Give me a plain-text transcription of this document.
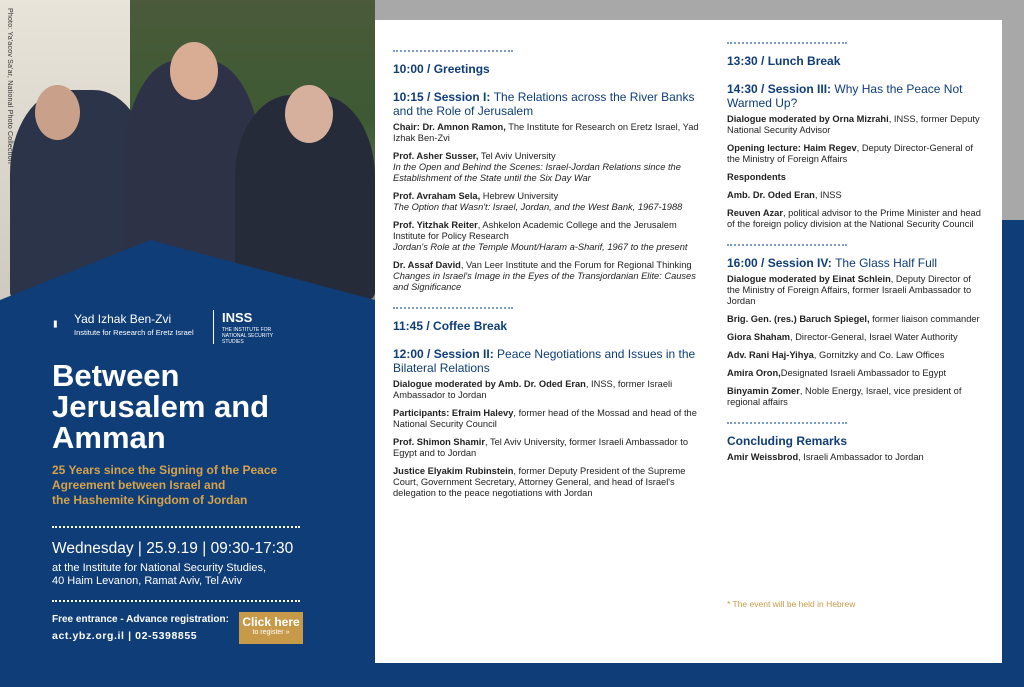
Photo: Ya'acov Sa'ar, National Photo Collection
י	Yad Izhak Ben-Zvi
Institute for Research of Eretz Israel
INSS
THE INSTITUTE FOR NATIONAL SECURITY STUDIES
Between
Jerusalem and
Amman
25 Years since the Signing of the Peace
Agreement between Israel and
the Hashemite Kingdom of Jordan
Wednesday | 25.9.19 | 09:30-17:30
at the Institute for National Security Studies,
40 Haim Levanon, Ramat Aviv, Tel Aviv
Free entrance - Advance registration:
act.ybz.org.il | 02-5398855
Click here
to register »
10:00 / Greetings
10:15 / Session I: The Relations across the River Banks and the Role of Jerusalem
Chair: Dr. Amnon Ramon, The Institute for Research on Eretz Israel, Yad Izhak Ben-Zvi
Prof. Asher Susser, Tel Aviv University
In the Open and Behind the Scenes: Israel-Jordan Relations since the Establishment of the State until the Six Day War
Prof. Avraham Sela, Hebrew University
The Option that Wasn't: Israel, Jordan, and the West Bank, 1967-1988
Prof. Yitzhak Reiter, Ashkelon Academic College and the Jerusalem Institute for Policy Research
Jordan's Role at the Temple Mount/Haram a-Sharif, 1967 to the present
Dr. Assaf David, Van Leer Institute and the Forum for Regional Thinking
Changes in Israel's Image in the Eyes of the Transjordanian Elite: Causes and Significance
11:45 / Coffee Break
12:00 / Session II: Peace Negotiations and Issues in the Bilateral Relations
Dialogue moderated by Amb. Dr. Oded Eran, INSS, former Israeli Ambassador to Jordan
Participants: Efraim Halevy, former head of the Mossad and head of the National Security Council
Prof. Shimon Shamir, Tel Aviv University, former Israeli Ambassador to Egypt and to Jordan
Justice Elyakim Rubinstein, former Deputy President of the Supreme Court, Government Secretary, Attorney General, and head of Israel's delegation to the peace negotiations with Jordan
13:30 / Lunch Break
14:30 / Session III: Why Has the Peace Not Warmed Up?
Dialogue moderated by Orna Mizrahi, INSS, former Deputy National Security Advisor
Opening lecture: Haim Regev, Deputy Director-General of the Ministry of Foreign Affairs
Respondents
Amb. Dr. Oded Eran, INSS
Reuven Azar, political advisor to the Prime Minister and head of the foreign policy division at the National Security Council
16:00 / Session IV: The Glass Half Full
Dialogue moderated by Einat Schlein, Deputy Director of the Ministry of Foreign Affairs, former Israeli Ambassador to Jordan
Brig. Gen. (res.) Baruch Spiegel, former liaison commander
Giora Shaham, Director-General, Israel Water Authority
Adv. Rani Haj-Yihya, Gornitzky and Co. Law Offices
Amira Oron,Designated Israeli Ambassador to Egypt
Binyamin Zomer, Noble Energy, Israel, vice president of regional affairs
Concluding Remarks
Amir Weissbrod, Israeli Ambassador to Jordan
* The event will be held in Hebrew
